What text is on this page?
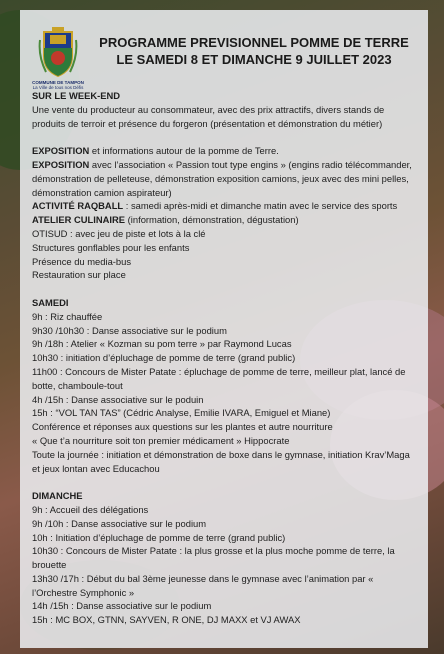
COMMUNE DE TAMPON
La Ville de tous nos Défis
PROGRAMME PREVISIONNEL POMME DE TERRE
LE SAMEDI 8 ET DIMANCHE 9 JUILLET 2023

SUR LE WEEK-END

Une vente du producteur au consommateur, avec des prix attractifs, divers stands de produits de terroir et présence du forgeron (présentation et démonstration du métier)

EXPOSITION et informations autour de la pomme de Terre.

EXPOSITION avec l’association « Passion tout type engins » (engins radio télécommander, démonstration de pelleteuse, démonstration exposition camions, jeux avec des mini pelles, démonstration camion aspirateur)

ACTIVITÉ RAQBALL : samedi après-midi et dimanche matin avec le service des sports

ATELIER CULINAIRE (information, démonstration, dégustation)

OTISUD : avec jeu de piste et lots à la clé

Structures gonflables pour les enfants

Présence du media-bus

Restauration sur place

SAMEDI

9h : Riz chauffée

9h30 /10h30 : Danse associative sur le podium

9h /18h : Atelier « Kozman su pom terre » par Raymond Lucas

10h30 : initiation d’épluchage de pomme de terre (grand public)

11h00 : Concours de Mister Patate : épluchage de pomme de terre, meilleur plat, lancé de botte, chamboule-tout

4h /15h : Danse associative sur le poduin

15h : “VOL TAN TAS” (Cédric Analyse, Emilie IVARA, Emiguel et Miane)

Conférence et réponses aux questions sur les plantes et autre nourriture

« Que t’a nourriture soit ton premier médicament » Hippocrate

Toute la journée : initiation et démonstration de boxe dans le gymnase, initiation Krav’Maga et jeux lontan avec Educachou

DIMANCHE

9h : Accueil des délégations

9h /10h : Danse associative sur le podium

10h : Initiation d’épluchage de pomme de terre (grand public)

10h30 : Concours de Mister Patate : la plus grosse et la plus moche pomme de terre, la brouette

13h30 /17h : Début du bal 3ème jeunesse dans le gymnase avec l’animation par « l’Orchestre Symphonic »

14h /15h : Danse associative sur le podium

15h : MC BOX, GTNN, SAYVEN, R ONE, DJ MAXX et VJ AWAX
